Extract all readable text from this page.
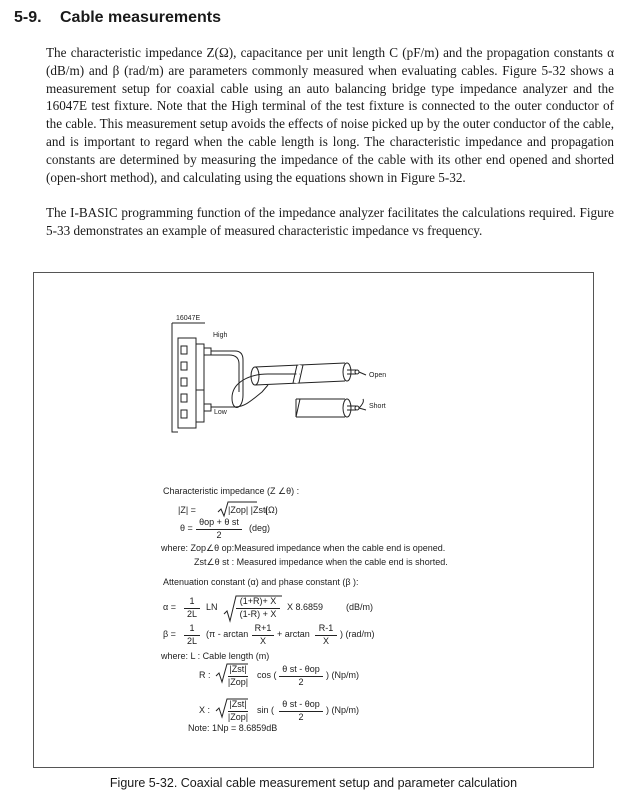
5-9. Cable measurements
The characteristic impedance Z(Ω), capacitance per unit length C (pF/m) and the propagation constants α (dB/m) and β (rad/m) are parameters commonly measured when evaluating cables. Figure 5-32 shows a measurement setup for coaxial cable using an auto balancing bridge type impedance analyzer and the 16047E test fixture. Note that the High terminal of the test fixture is connected to the outer conductor of the cable. This measurement setup avoids the effects of noise picked up by the outer conductor of the cable, and is important to regard when the cable length is long. The characteristic impedance and propagation constants are determined by measuring the impedance of the cable with its other end opened and shorted (open-short method), and calculating using the equations shown in Figure 5-32.
The I-BASIC programming function of the impedance analyzer facilitates the calculations required. Figure 5-33 demonstrates an example of measured characteristic impedance vs frequency.
16047E
High
Low
Open
Short
Characteristic impedance (Z ∠θ) :
|Z| =	|Zop| |Zst|
(Ω)
θ =
θop + θ st
2
(deg)
where: Zop∠θ op:Measured impedance when the cable end is opened.
Zst∠θ st : Measured impedance when the cable end is shorted.
Attenuation constant (α) and phase constant (β ):
α =
1
2L
LN
(1+R)+ X
(1-R) + X
X 8.6859	(dB/m)
β =
1
2L
(π - arctan
R+1
X
+ arctan
R-1
X
) (rad/m)
where: L : Cable length (m)
R :
|Zst|
|Zop|
cos (
θ st - θop
2
) (Np/m)
X :
|Zst|
|Zop|
sin (
θ st - θop
2
) (Np/m)
Note: 1Np = 8.6859dB
Figure 5-32. Coaxial cable measurement setup and parameter calculation
